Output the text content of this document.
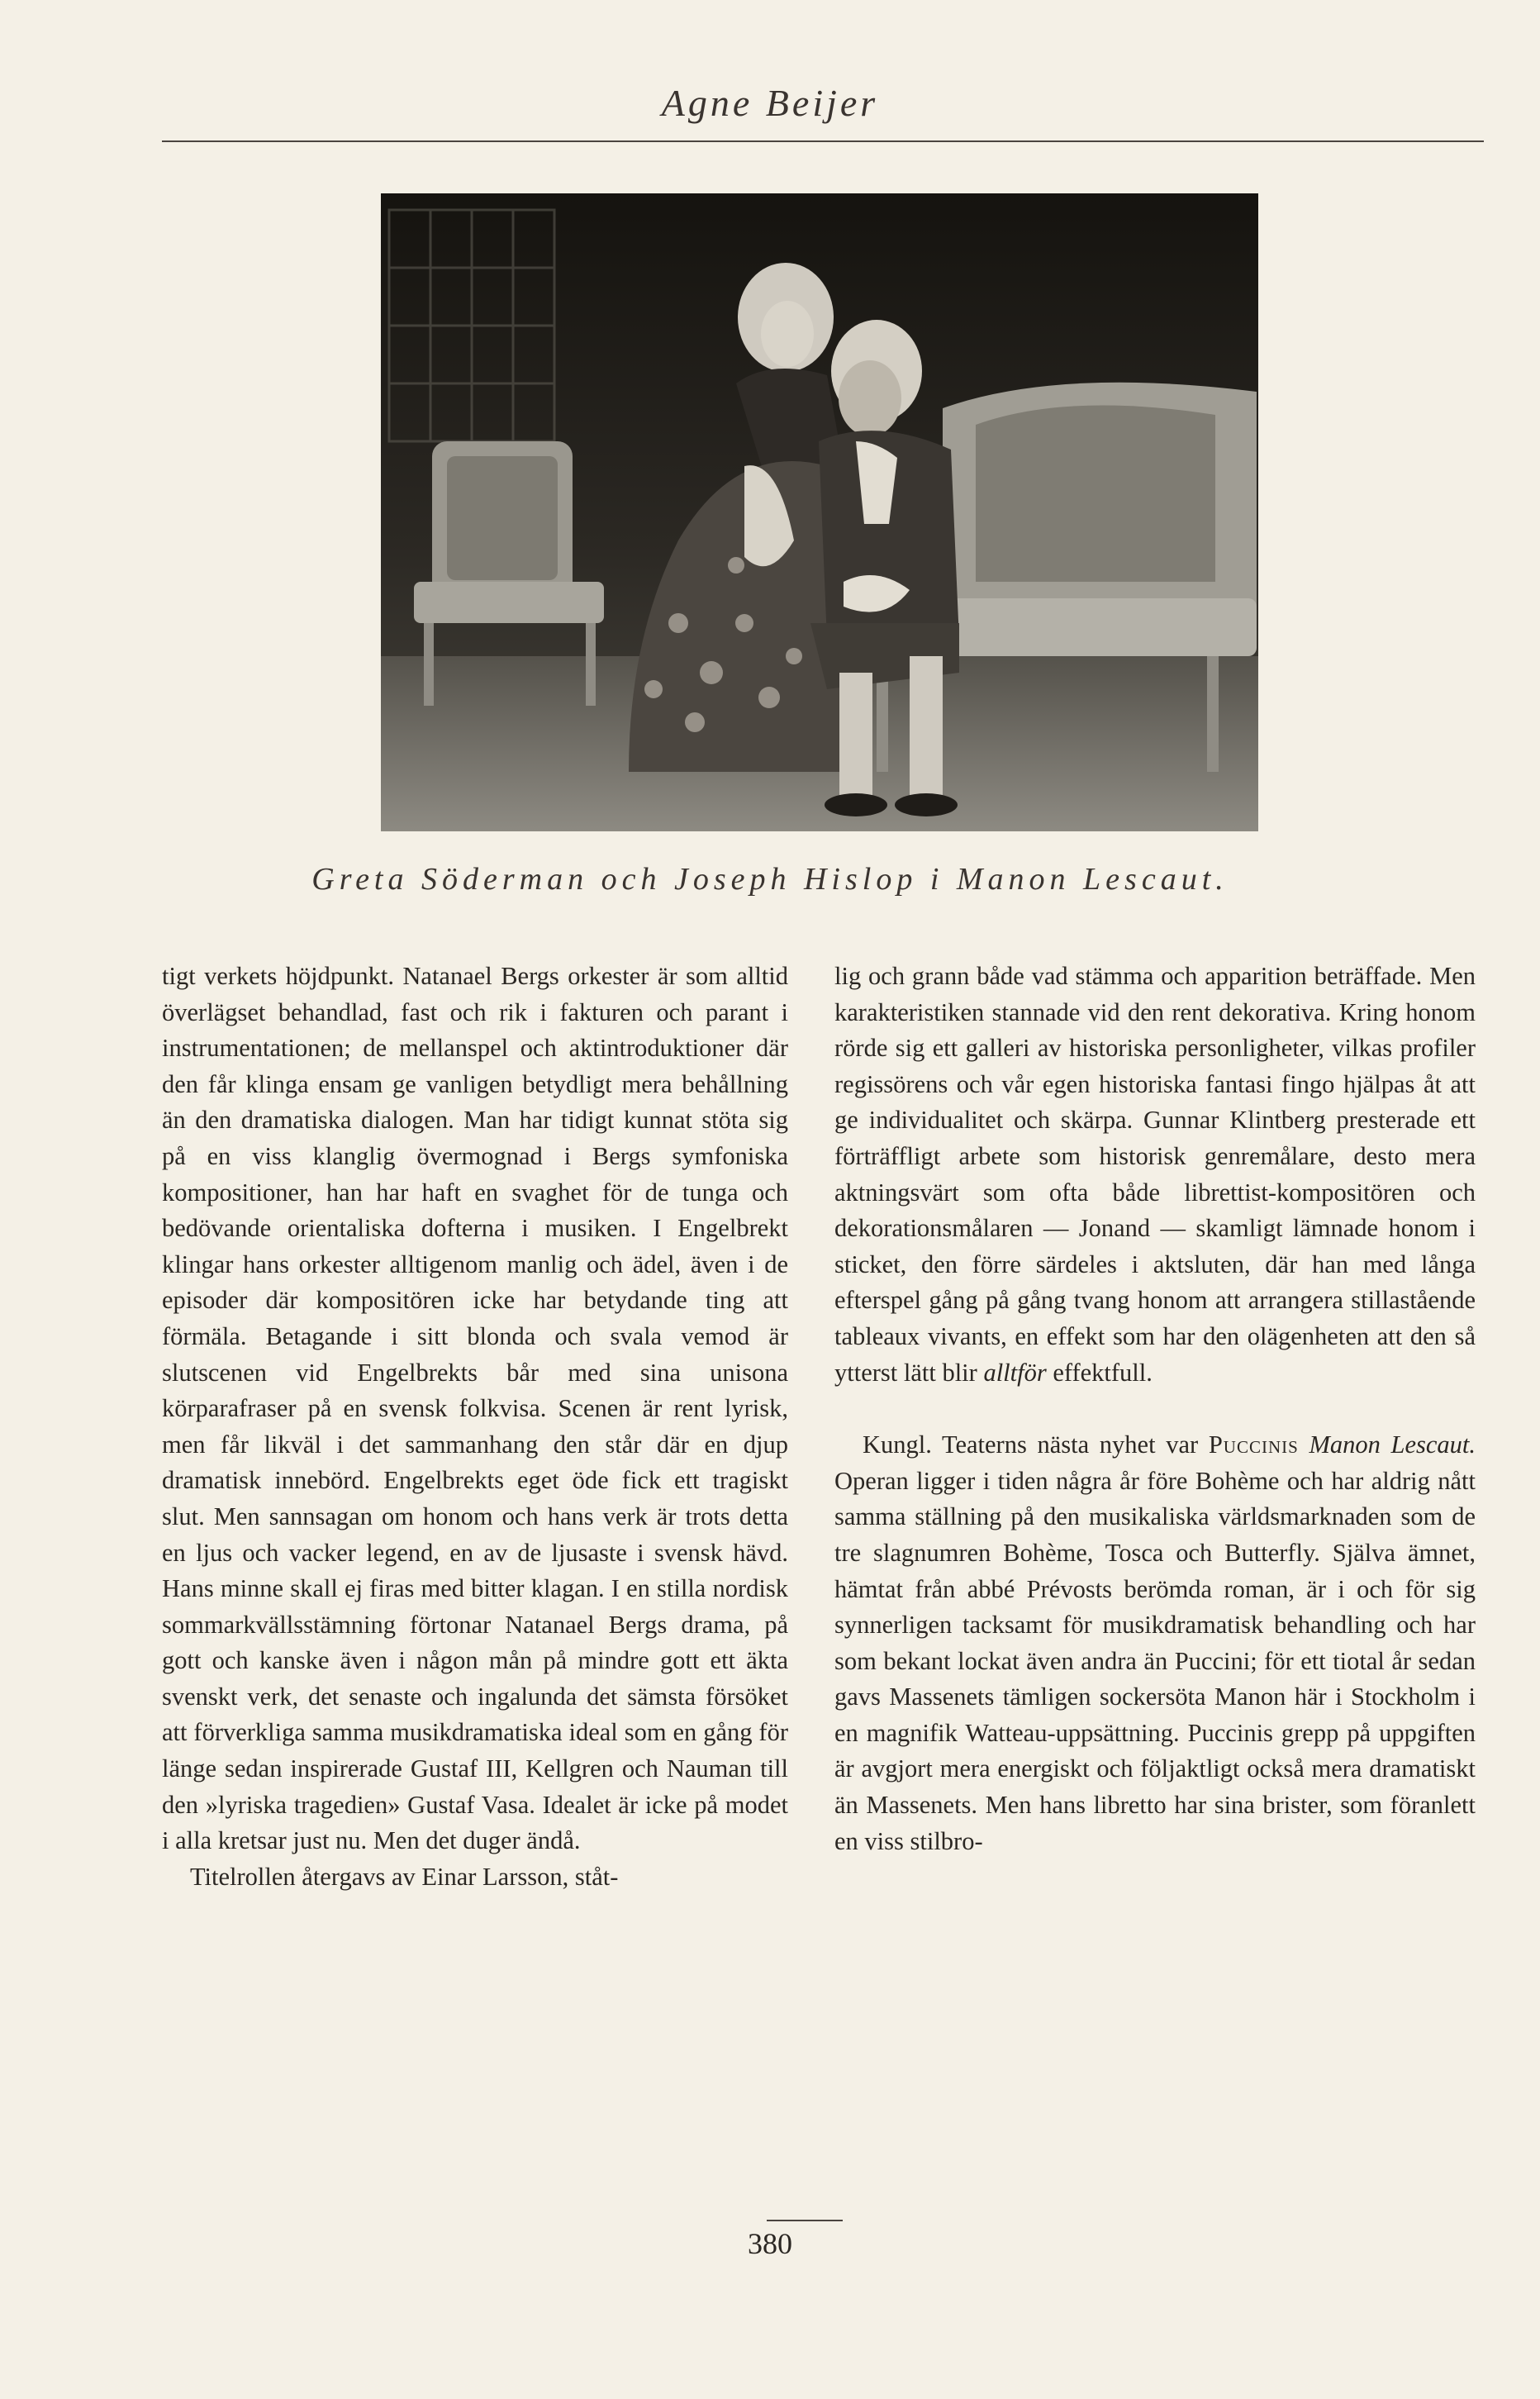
Agne Beijer
Greta Söderman och Joseph Hislop i Manon Lescaut.

tigt verkets höjdpunkt. Natanael Bergs orkester är som alltid överlägset behandlad, fast och rik i fakturen och parant i instrumentationen; de mellanspel och aktintroduktioner där den får klinga ensam ge vanligen betydligt mera behållning än den dramatiska dialogen. Man har tidigt kunnat stöta sig på en viss klanglig övermognad i Bergs symfoniska kompositioner, han har haft en svaghet för de tunga och bedövande orientaliska dofterna i musiken. I Engelbrekt klingar hans orkester alltigenom manlig och ädel, även i de episoder där kompositören icke har betydande ting att förmäla. Betagande i sitt blonda och svala vemod är slutscenen vid Engelbrekts bår med sina unisona körparafraser på en svensk folkvisa. Scenen är rent lyrisk, men får likväl i det sammanhang den står där en djup dramatisk innebörd. Engelbrekts eget öde fick ett tragiskt slut. Men sannsagan om honom och hans verk är trots detta en ljus och vacker legend, en av de ljusaste i svensk hävd. Hans minne skall ej firas med bitter klagan. I en stilla nordisk sommarkvällsstämning förtonar Natanael Bergs drama, på gott och kanske även i någon mån på mindre gott ett äkta svenskt verk, det senaste och ingalunda det sämsta försöket att förverkliga samma musikdramatiska ideal som en gång för länge sedan inspirerade Gustaf III, Kellgren och Nauman till den »lyriska tragedien» Gustaf Vasa. Idealet är icke på modet i alla kretsar just nu. Men det duger ändå.

Titelrollen återgavs av Einar Larsson, ståt-

lig och grann både vad stämma och apparition beträffade. Men karakteristiken stannade vid den rent dekorativa. Kring honom rörde sig ett galleri av historiska personligheter, vilkas profiler regissörens och vår egen historiska fantasi fingo hjälpas åt att ge individualitet och skärpa. Gunnar Klintberg presterade ett förträffligt arbete som historisk genremålare, desto mera aktningsvärt som ofta både librettist-kompositören och dekorationsmålaren — Jonand — skamligt lämnade honom i sticket, den förre särdeles i aktsluten, där han med långa efterspel gång på gång tvang honom att arrangera stillastående tableaux vivants, en effekt som har den olägenheten att den så ytterst lätt blir alltför effektfull.

Kungl. Teaterns nästa nyhet var Puccinis Manon Lescaut. Operan ligger i tiden några år före Bohème och har aldrig nått samma ställning på den musikaliska världsmarknaden som de tre slagnumren Bohème, Tosca och Butterfly. Själva ämnet, hämtat från abbé Prévosts berömda roman, är i och för sig synnerligen tacksamt för musikdramatisk behandling och har som bekant lockat även andra än Puccini; för ett tiotal år sedan gavs Massenets tämligen sockersöta Manon här i Stockholm i en magnifik Watteau-uppsättning. Puccinis grepp på uppgiften är avgjort mera energiskt och följaktligt också mera dramatiskt än Massenets. Men hans libretto har sina brister, som föranlett en viss stilbro-

380
